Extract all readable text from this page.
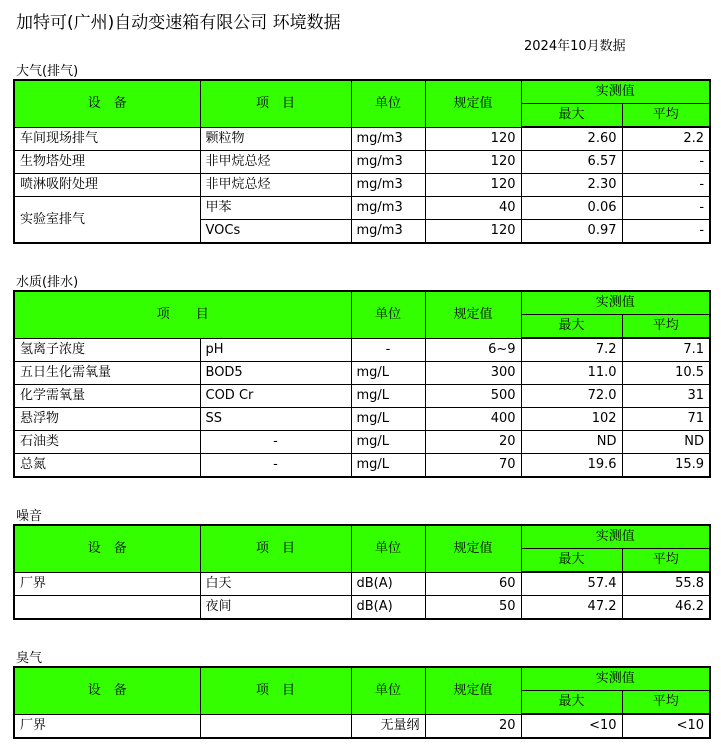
加特可(广州)自动变速箱有限公司 环境数据
2024年10月数据
大气(排气)
设　备	项　目	单位	规定值	实测值	
				最大	平均
车间现场排气	颗粒物	mg/m3	120	2.60	2.2
生物塔处理	非甲烷总烃	mg/m3	120	6.57	-
喷淋吸附处理	非甲烷总烃	mg/m3	120	2.30	-
实验室排气	甲苯	mg/m3	40	0.06	-
	VOCs	mg/m3	120	0.97	-
水质(排水)
项　　目		单位	规定值	实测值	
				最大	平均
氢离子浓度	pH	-	6~9	7.2	7.1
五日生化需氧量	BOD5	mg/L	300	11.0	10.5
化学需氧量	COD Cr	mg/L	500	72.0	31
悬浮物	SS	mg/L	400	102	71
石油类	-	mg/L	20	ND	ND
总氮	-	mg/L	70	19.6	15.9
噪音
设　备	项　目	单位	规定值	实测值	
				最大	平均
厂界	白天	dB(A)	60	57.4	55.8
	夜间	dB(A)	50	47.2	46.2
臭气
设　备	项　目	单位	规定值	实测值	
				最大	平均
厂界		无量纲	20	<10	<10
